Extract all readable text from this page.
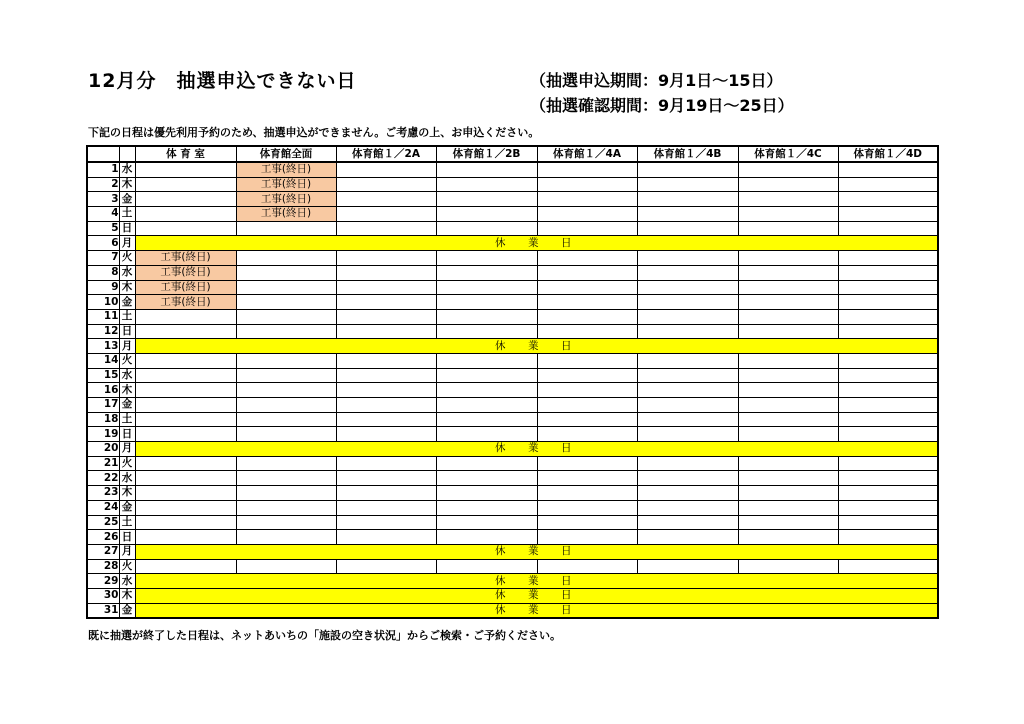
12月分　抽選申込できない日	（抽選申込期間：9月1日～15日）
（抽選確認期間：9月19日～25日）
下記の日程は優先利用予約のため、抽選申込ができません。ご考慮の上、お申込ください。
		体 育 室	体育館全面	体育館１／2A	体育館１／2B	体育館１／4A	体育館１／4B	体育館１／4C	体育館１／4D
1	水		工事(終日)						
2	木		工事(終日)						
3	金		工事(終日)						
4	土		工事(終日)						
5	日								
6	月	休　業　日							
7	火	工事(終日)							
8	水	工事(終日)							
9	木	工事(終日)							
10	金	工事(終日)							
11	土								
12	日								
13	月	休　業　日							
14	火								
15	水								
16	木								
17	金								
18	土								
19	日								
20	月	休　業　日							
21	火								
22	水								
23	木								
24	金								
25	土								
26	日								
27	月	休　業　日							
28	火								
29	水	休　業　日							
30	木	休　業　日							
31	金	休　業　日							
既に抽選が終了した日程は、ネットあいちの「施設の空き状況」からご検索・ご予約ください。
